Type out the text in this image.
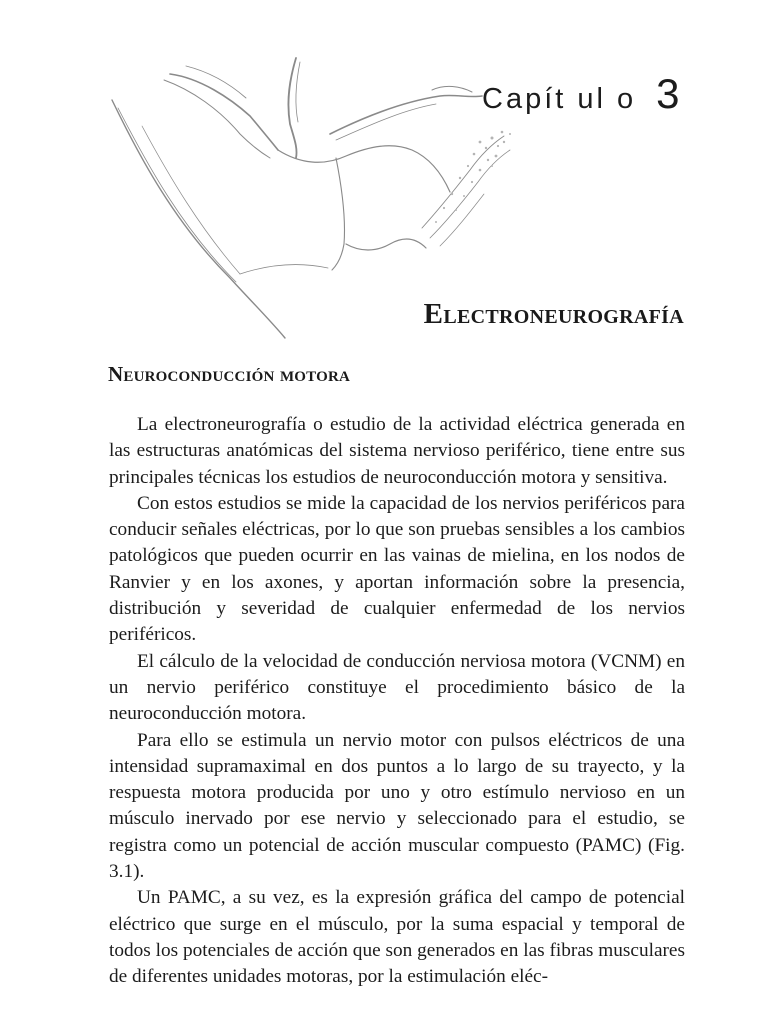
Capít ul o 3
Electroneurografía
Neuroconducción motora

La electroneurografía o estudio de la actividad eléctrica generada en las estructuras anatómicas del sistema nervioso periférico, tiene entre sus principales técnicas los estudios de neuroconducción motora y sensitiva.

Con estos estudios se mide la capacidad de los nervios periféricos para conducir señales eléctricas, por lo que son pruebas sensibles a los cambios patológicos que pueden ocurrir en las vainas de mielina, en los nodos de Ranvier y en los axones, y aportan información sobre la presencia, distribución y severidad de cualquier enfermedad de los nervios periféricos.

El cálculo de la velocidad de conducción nerviosa motora (VCNM) en un nervio periférico constituye el procedimiento básico de la neuroconducción motora.

Para ello se estimula un nervio motor con pulsos eléctricos de una intensidad supramaximal en dos puntos a lo largo de su trayecto, y la respuesta motora producida por uno y otro estímulo nervioso en un músculo inervado por ese nervio y seleccionado para el estudio, se registra como un potencial de acción muscular compuesto (PAMC) (Fig. 3.1).

Un PAMC, a su vez, es la expresión gráfica del campo de potencial eléctrico que surge en el músculo, por la suma espacial y temporal de todos los potenciales de acción que son generados en las fibras musculares de diferentes unidades motoras, por la estimulación eléc-
